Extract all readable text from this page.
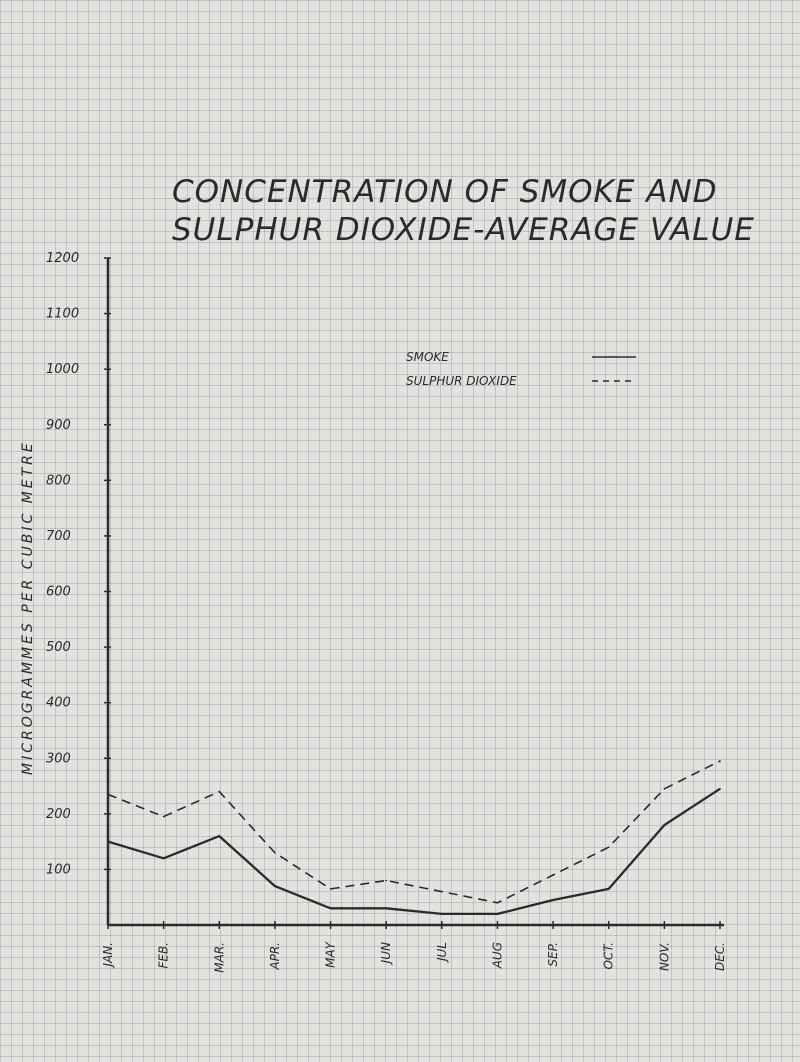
CONCENTRATION OF SMOKE AND
SULPHUR DIOXIDE-AVERAGE VALUE
MICROGRAMMES PER CUBIC METRE
1200
1100
1000
900
800
700
600
500
400
300
200
100
JAN.	FEB.	MAR.	APR.	MAY	JUN	JUL	AUG	SEP.	OCT.	NOV.	DEC.
SMOKE
SULPHUR DIOXIDE
